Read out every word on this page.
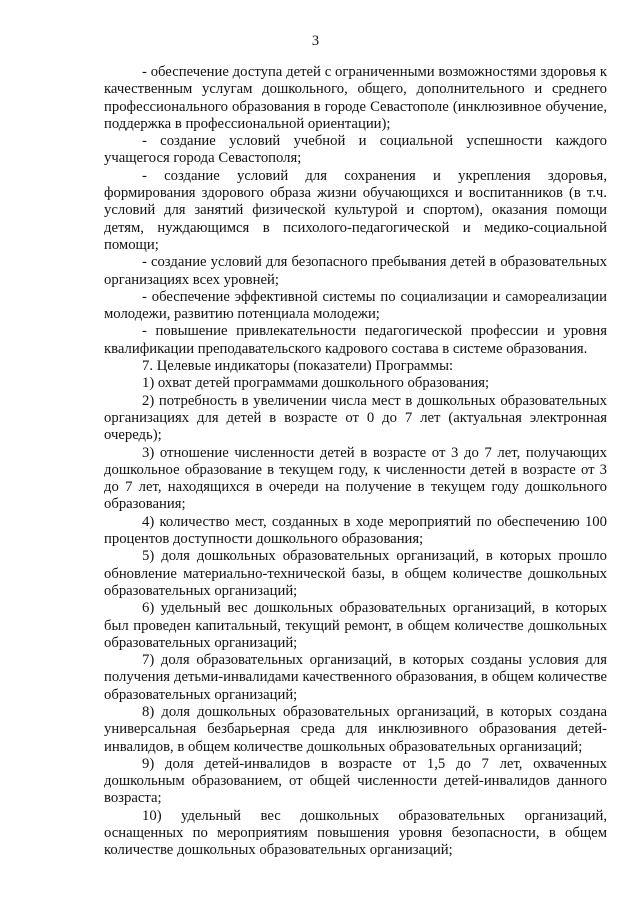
3

- обеспечение доступа детей с ограниченными возможностями здоровья к качественным услугам дошкольного, общего, дополнительного и среднего профессионального образования в городе Севастополе (инклюзивное обучение, поддержка в профессиональной ориентации);

- создание условий учебной и социальной успешности каждого учащегося города Севастополя;

- создание условий для сохранения и укрепления здоровья, формирования здорового образа жизни обучающихся и воспитанников (в т.ч. условий для занятий физической культурой и спортом), оказания помощи детям, нуждающимся в психолого-педагогической и медико-социальной помощи;

- создание условий для безопасного пребывания детей в образовательных организациях всех уровней;

- обеспечение эффективной системы по социализации и самореализации молодежи, развитию потенциала молодежи;

- повышение привлекательности педагогической профессии и уровня квалификации преподавательского кадрового состава в системе образования.

7. Целевые индикаторы (показатели) Программы:

1) охват детей программами дошкольного образования;

2) потребность в увеличении числа мест в дошкольных образовательных организациях для детей в возрасте от 0 до 7 лет (актуальная электронная очередь);

3) отношение численности детей в возрасте от 3 до 7 лет, получающих дошкольное образование в текущем году, к численности детей в возрасте от 3 до 7 лет, находящихся в очереди на получение в текущем году дошкольного образования;

4) количество мест, созданных в ходе мероприятий по обеспечению 100 процентов доступности дошкольного образования;

5) доля дошкольных образовательных организаций, в которых прошло обновление материально-технической базы, в общем количестве дошкольных образовательных организаций;

6) удельный вес дошкольных образовательных организаций, в которых был проведен капитальный, текущий ремонт, в общем количестве дошкольных образовательных организаций;

7) доля образовательных организаций, в которых созданы условия для получения детьми-инвалидами качественного образования, в общем количестве образовательных организаций;

8) доля дошкольных образовательных организаций, в которых создана универсальная безбарьерная среда для инклюзивного образования детей-инвалидов, в общем количестве дошкольных образовательных организаций;

9) доля детей-инвалидов в возрасте от 1,5 до 7 лет, охваченных дошкольным образованием, от общей численности детей-инвалидов данного возраста;

10) удельный вес дошкольных образовательных организаций, оснащенных по мероприятиям повышения уровня безопасности, в общем количестве дошкольных образовательных организаций;
